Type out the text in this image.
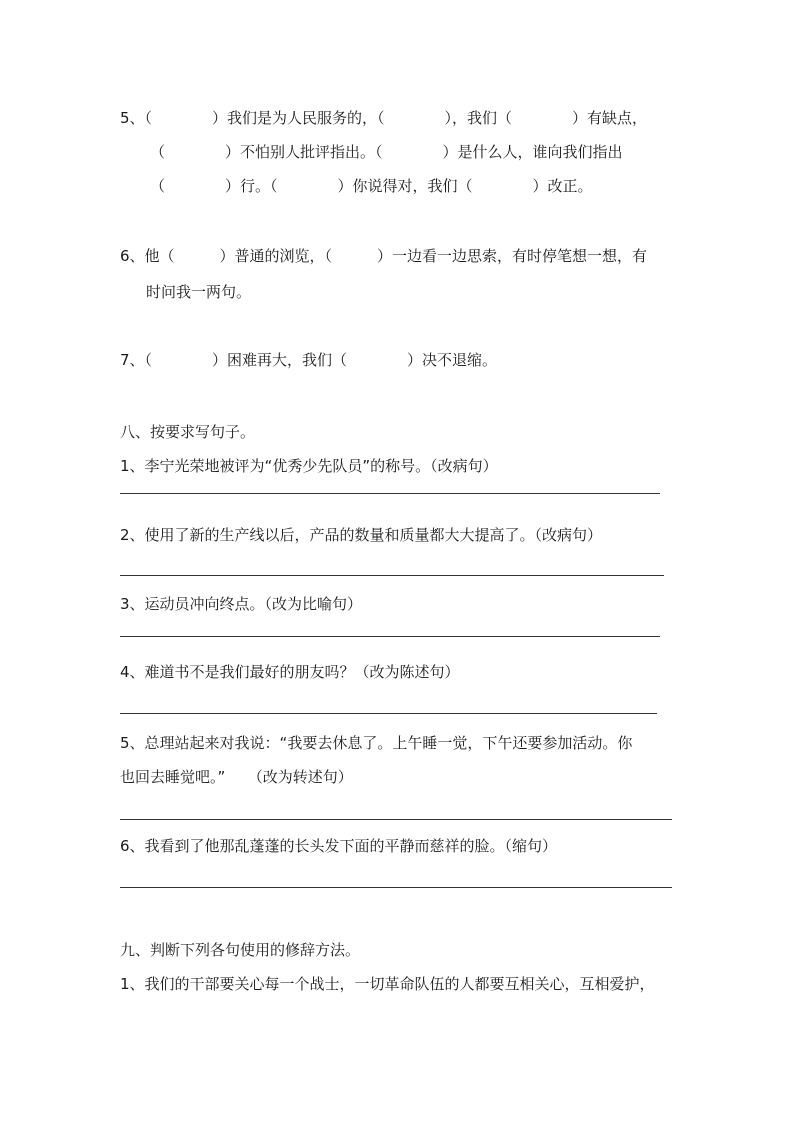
5、（　　　　）我们是为人民服务的，（　　　　），我们（　　　　）有缺点，
（　　　　）不怕别人批评指出。（　　　　）是什么人，谁向我们指出
（　　　　）行。（　　　　）你说得对，我们（　　　　）改正。
6、他（　　　）普通的浏览，（　　　）一边看一边思索，有时停笔想一想，有
时问我一两句。
7、（　　　　）困难再大，我们（　　　　）决不退缩。
八、按要求写句子。
1、李宁光荣地被评为“优秀少先队员”的称号。（改病句）
2、使用了新的生产线以后，产品的数量和质量都大大提高了。（改病句）
3、运动员冲向终点。（改为比喻句）
4、难道书不是我们最好的朋友吗？（改为陈述句）
5、总理站起来对我说：“我要去休息了。上午睡一觉，下午还要参加活动。你
也回去睡觉吧。”　　（改为转述句）
6、我看到了他那乱蓬蓬的长头发下面的平静而慈祥的脸。（缩句）
九、判断下列各句使用的修辞方法。
1、我们的干部要关心每一个战士，一切革命队伍的人都要互相关心，互相爱护，
